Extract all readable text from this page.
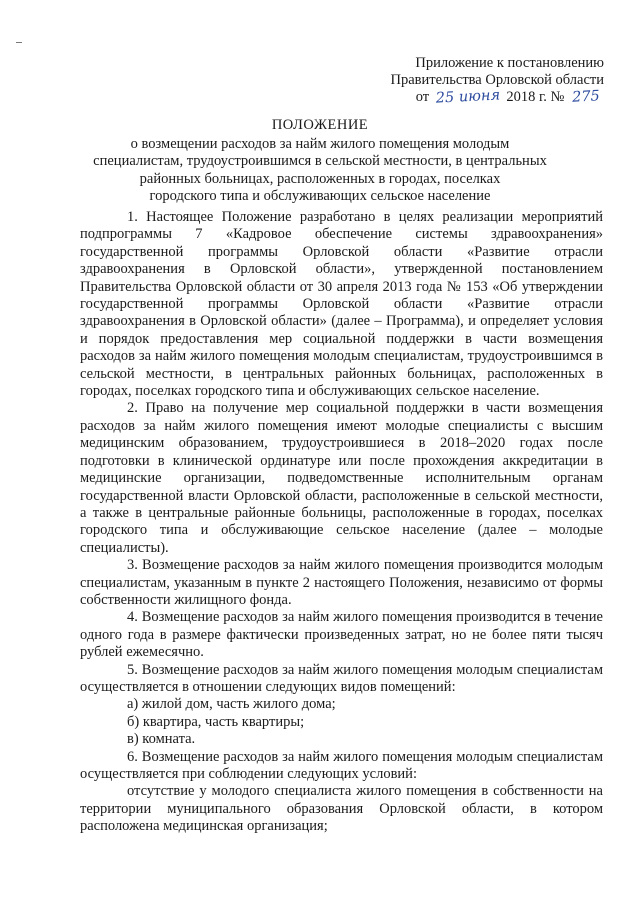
Приложение к постановлению
Правительства Орловской области
от 25 июня 2018 г. № 275
ПОЛОЖЕНИЕ
о возмещении расходов за найм жилого помещения молодым
специалистам, трудоустроившимся в сельской местности, в центральных
районных больницах, расположенных в городах, поселках
городского типа и обслуживающих сельское население

1. Настоящее Положение разработано в целях реализации мероприятий подпрограммы 7 «Кадровое обеспечение системы здравоохранения» государственной программы Орловской области «Развитие отрасли здравоохранения в Орловской области», утвержденной постановлением Правительства Орловской области от 30 апреля 2013 года № 153 «Об утверждении государственной программы Орловской области «Развитие отрасли здравоохранения в Орловской области» (далее – Программа), и определяет условия и порядок предоставления мер социальной поддержки в части возмещения расходов за найм жилого помещения молодым специалистам, трудоустроившимся в сельской местности, в центральных районных больницах, расположенных в городах, поселках городского типа и обслуживающих сельское население.

2. Право на получение мер социальной поддержки в части возмещения расходов за найм жилого помещения имеют молодые специалисты с высшим медицинским образованием, трудоустроившиеся в 2018–2020 годах после подготовки в клинической ординатуре или после прохождения аккредитации в медицинские организации, подведомственные исполнительным органам государственной власти Орловской области, расположенные в сельской местности, а также в центральные районные больницы, расположенные в городах, поселках городского типа и обслуживающие сельское население (далее – молодые специалисты).

3. Возмещение расходов за найм жилого помещения производится молодым специалистам, указанным в пункте 2 настоящего Положения, независимо от формы собственности жилищного фонда.

4. Возмещение расходов за найм жилого помещения производится в течение одного года в размере фактически произведенных затрат, но не более пяти тысяч рублей ежемесячно.

5. Возмещение расходов за найм жилого помещения молодым специалистам осуществляется в отношении следующих видов помещений:

а) жилой дом, часть жилого дома;

б) квартира, часть квартиры;

в) комната.

6. Возмещение расходов за найм жилого помещения молодым специалистам осуществляется при соблюдении следующих условий:

отсутствие у молодого специалиста жилого помещения в собственности на территории муниципального образования Орловской области, в котором расположена медицинская организация;
